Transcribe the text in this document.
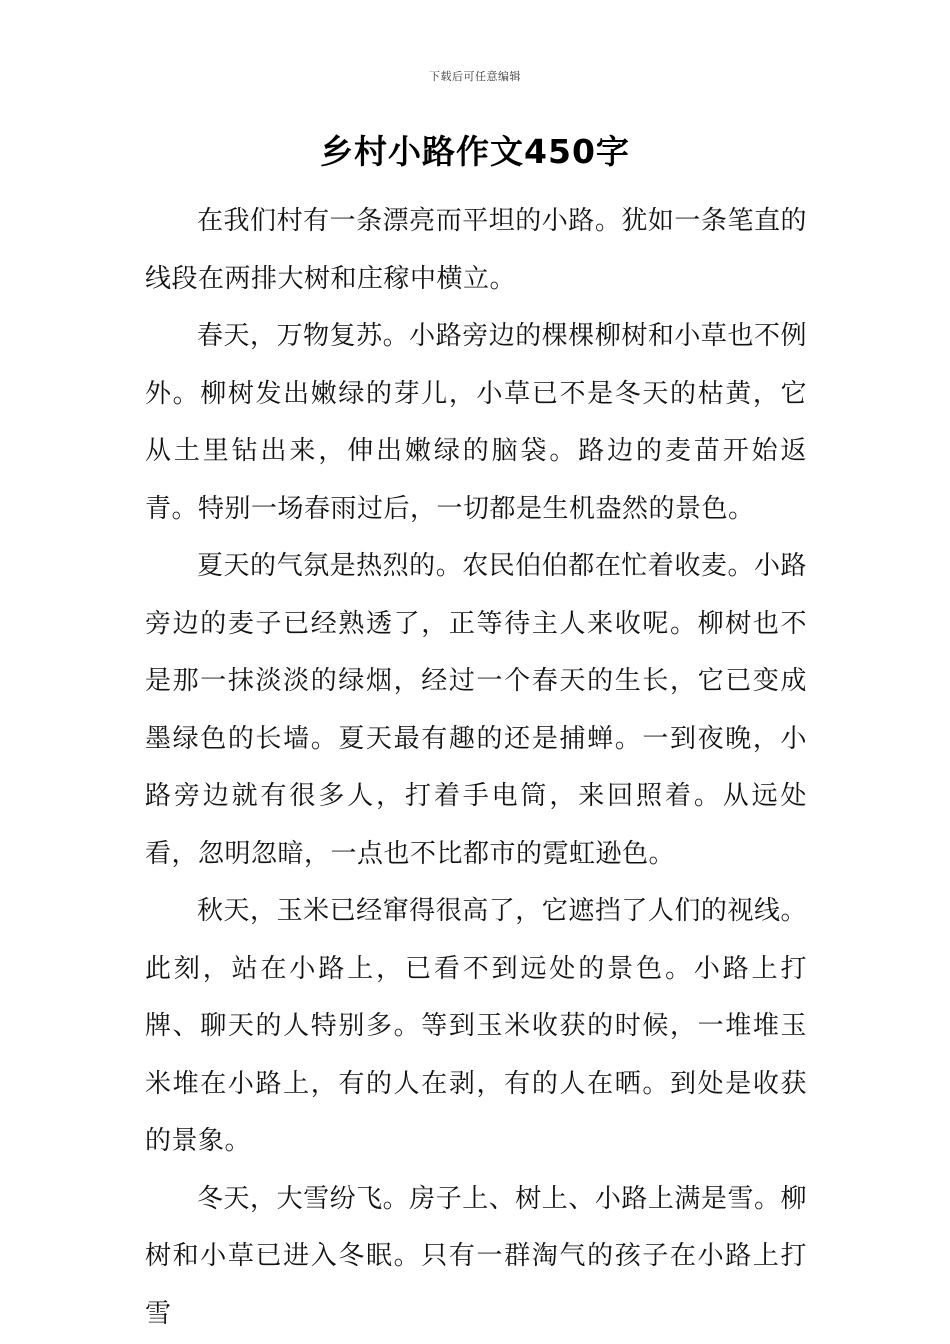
下载后可任意编辑
乡村小路作文450字

在我们村有一条漂亮而平坦的小路。犹如一条笔直的线段在两排大树和庄稼中横立。

春天，万物复苏。小路旁边的棵棵柳树和小草也不例外。柳树发出嫩绿的芽儿，小草已不是冬天的枯黄，它从土里钻出来，伸出嫩绿的脑袋。路边的麦苗开始返青。特别一场春雨过后，一切都是生机盎然的景色。

夏天的气氛是热烈的。农民伯伯都在忙着收麦。小路旁边的麦子已经熟透了，正等待主人来收呢。柳树也不是那一抹淡淡的绿烟，经过一个春天的生长，它已变成墨绿色的长墙。夏天最有趣的还是捕蝉。一到夜晚，小路旁边就有很多人，打着手电筒，来回照着。从远处看，忽明忽暗，一点也不比都市的霓虹逊色。

秋天，玉米已经窜得很高了，它遮挡了人们的视线。此刻，站在小路上，已看不到远处的景色。小路上打牌、聊天的人特别多。等到玉米收获的时候，一堆堆玉米堆在小路上，有的人在剥，有的人在晒。到处是收获的景象。

冬天，大雪纷飞。房子上、树上、小路上满是雪。柳树和小草已进入冬眠。只有一群淘气的孩子在小路上打雪
